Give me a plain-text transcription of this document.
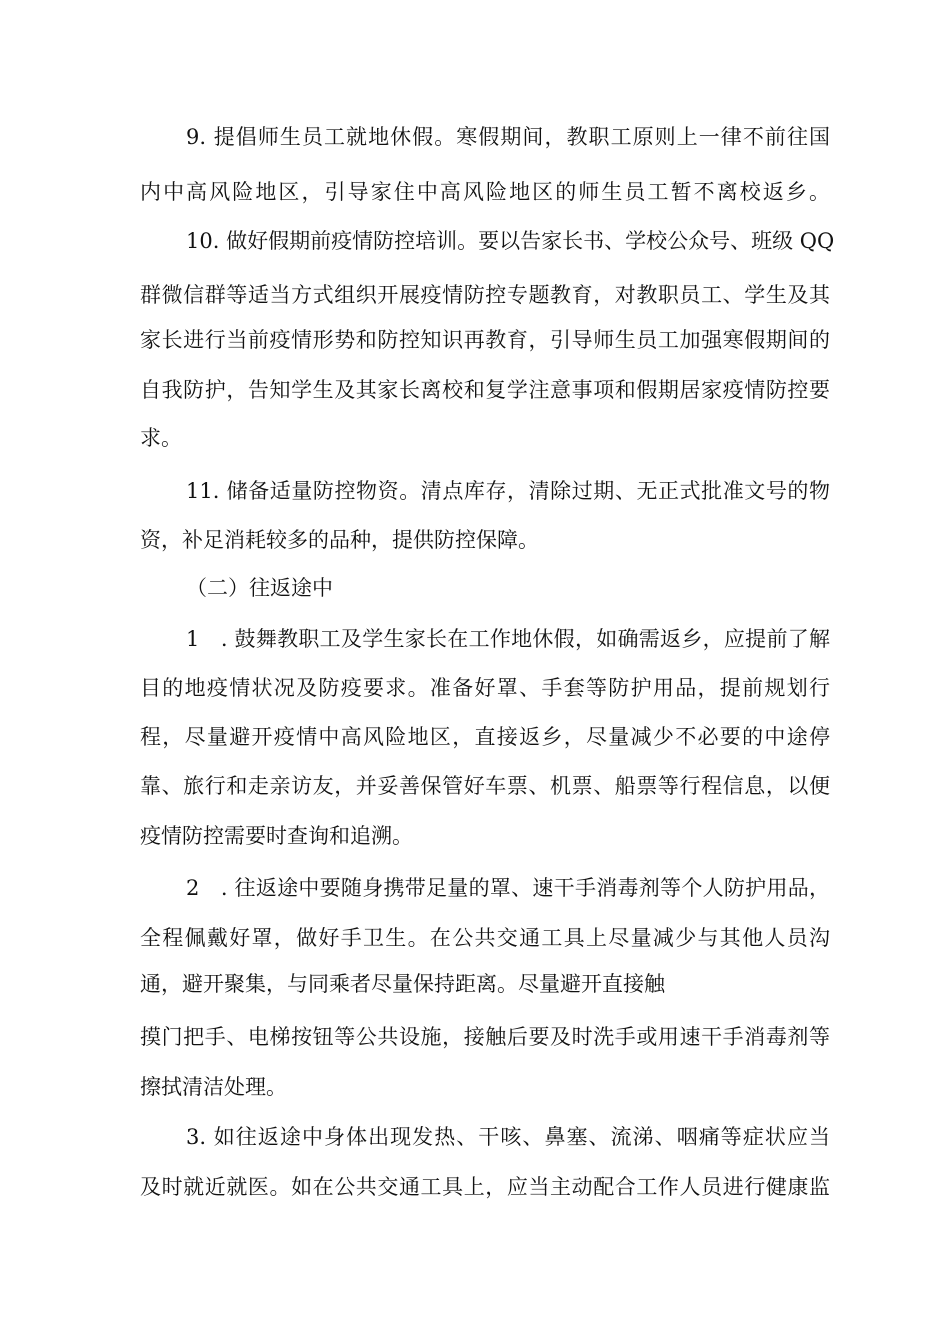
9. 提倡师生员工就地休假。寒假期间，教职工原则上一律不前往国
内中高风险地区，引导家住中高风险地区的师生员工暂不离校返乡。
10. 做好假期前疫情防控培训。要以告家长书、学校公众号、班级 QQ
群微信群等适当方式组织开展疫情防控专题教育，对教职员工、学生及其
家长进行当前疫情形势和防控知识再教育，引导师生员工加强寒假期间的
自我防护，告知学生及其家长离校和复学注意事项和假期居家疫情防控要
求。
11. 储备适量防控物资。清点库存，清除过期、无正式批准文号的物
资，补足消耗较多的品种，提供防控保障。
（二）往返途中
1　. 鼓舞教职工及学生家长在工作地休假，如确需返乡，应提前了解
目的地疫情状况及防疫要求。准备好罩、手套等防护用品，提前规划行
程，尽量避开疫情中高风险地区，直接返乡，尽量减少不必要的中途停
靠、旅行和走亲访友，并妥善保管好车票、机票、船票等行程信息，以便
疫情防控需要时查询和追溯。
2　. 往返途中要随身携带足量的罩、速干手消毒剂等个人防护用品，
全程佩戴好罩，做好手卫生。在公共交通工具上尽量减少与其他人员沟
通，避开聚集，与同乘者尽量保持距离。尽量避开直接触
摸门把手、电梯按钮等公共设施，接触后要及时洗手或用速干手消毒剂等
擦拭清洁处理。
3. 如往返途中身体出现发热、干咳、鼻塞、流涕、咽痛等症状应当
及时就近就医。如在公共交通工具上，应当主动配合工作人员进行健康监
